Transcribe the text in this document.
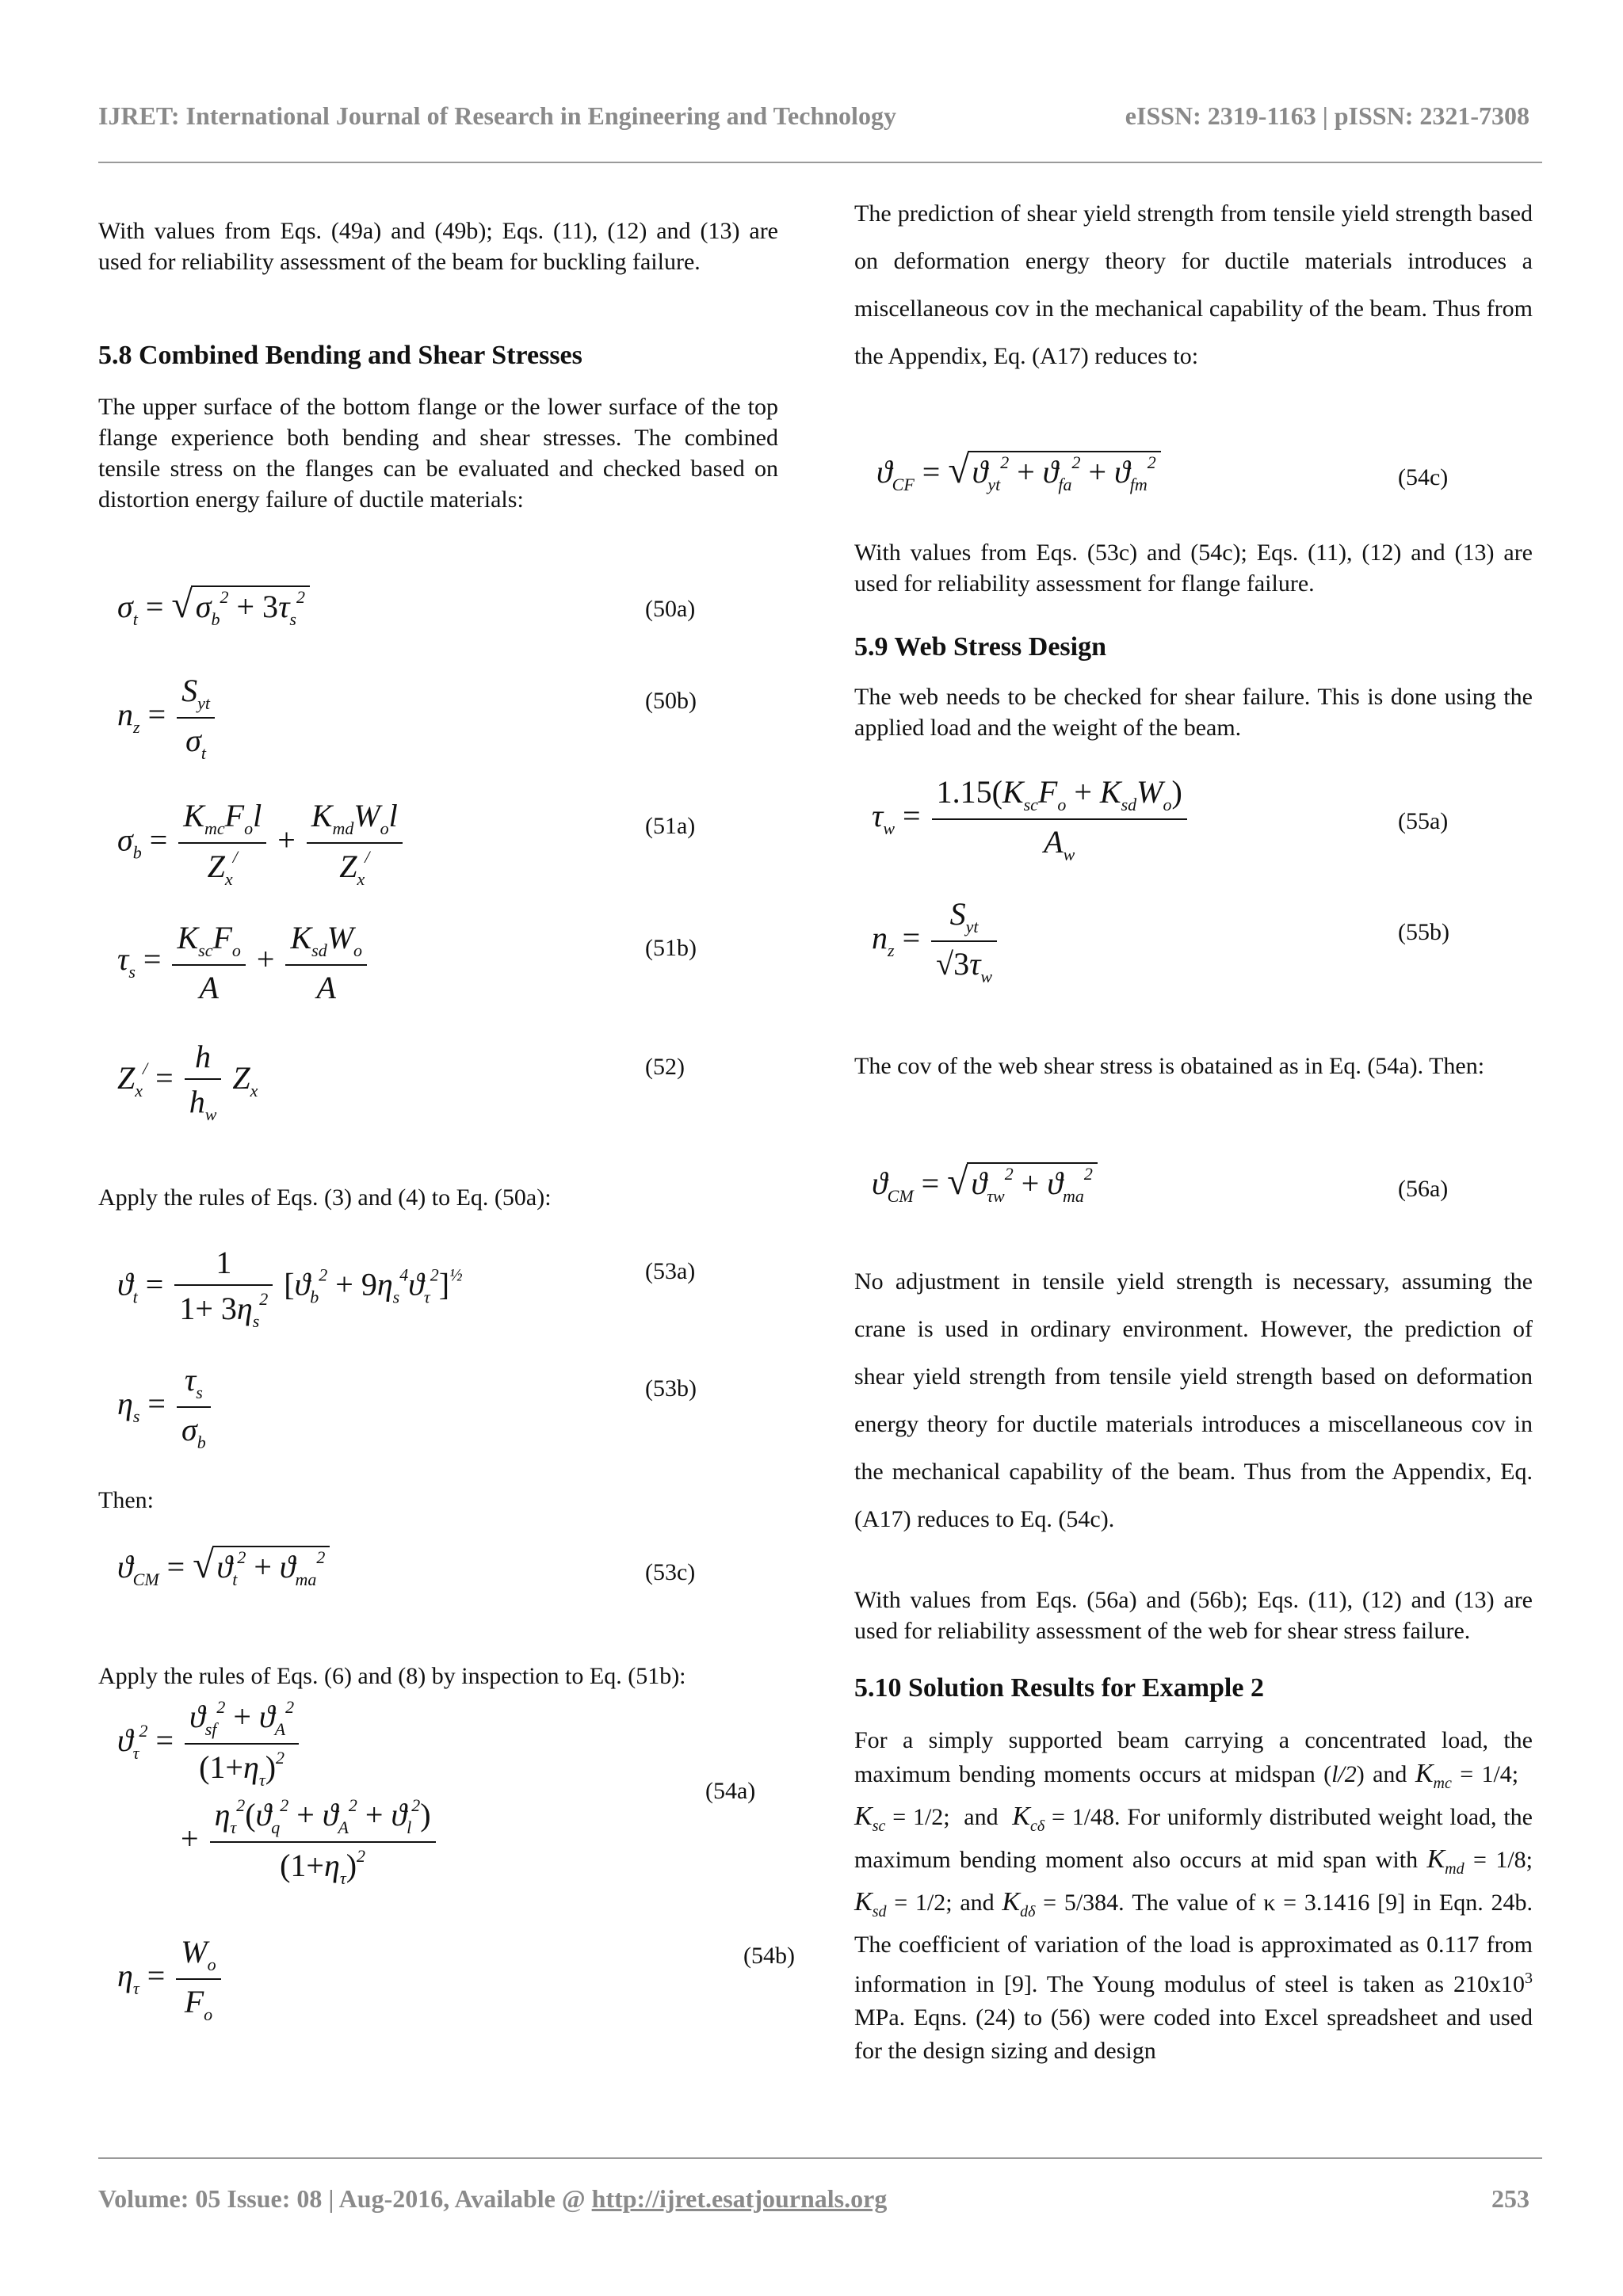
IJRET: International Journal of Research in Engineering and Technology	eISSN: 2319-1163 | pISSN: 2321-7308

With values from Eqs. (49a) and (49b); Eqs. (11), (12) and (13) are used for reliability assessment of the beam for buckling failure.

5.8 Combined Bending and Shear Stresses

The upper surface of the bottom flange or the lower surface of the top flange experience both bending and shear stresses. The combined tensile stress on the flanges can be evaluated and checked based on distortion energy failure of ductile materials:

$\sigma_t$ = √ $\sigma_b^2 + 3\tau_s^2$	(50a)
$n_z = \frac{S_{yt}}{\sigma_t}$	(50b)
$\sigma_b = \frac{K_{mc}F_ol}{Z_x^/} + \frac{K_{md}W_ol}{Z_x^/}$	(51a)
$\tau_s = \frac{K_{sc}F_o}{A} + \frac{K_{sd}W_o}{A}$	(51b)
$Z_x^/ = \frac{h}{h_w} Z_x$
(52)

Apply the rules of Eqs. (3) and (4) to Eq. (50a):

$ϑ_t = \frac{1}{1+ 3\eta_s^2} [ϑ_b^2 + 9\eta_s^4ϑ_\tau^2]^{\frac{1}{2}}$	(53a)
$\eta_s = \frac{\tau_s}{\sigma_b}$	(53b)

Then:

$ϑ_{CM}$ = √ $ϑ_t^2 + ϑ_{ma}^2$
(53c)

Apply the rules of Eqs. (6) and (8) by inspection to Eq. (51b):

$ϑ_\tau^2 = \frac{ϑ_{sf}^2 + ϑ_A^2}{(1+\eta_\tau)^2}$
+ $\frac{\eta_\tau^2(ϑ_q^2 + ϑ_A^2 + ϑ_l^2)}{(1+\eta_\tau)^2}$
(54a)
$\eta_\tau = \frac{W_o}{F_o}$	(54b)

The prediction of shear yield strength from tensile yield strength based on deformation energy theory for ductile materials introduces a miscellaneous cov in the mechanical capability of the beam. Thus from the Appendix, Eq. (A17) reduces to:

$ϑ_{CF}$ = √ $ϑ_{yt}^2 + ϑ_{fa}^2 + ϑ_{fm}^2$
(54c)

With values from Eqs. (53c) and (54c); Eqs. (11), (12) and (13) are used for reliability assessment for flange failure.

5.9 Web Stress Design

The web needs to be checked for shear failure. This is done using the applied load and the weight of the beam.

$\tau_w = \frac{1.15(K_{sc}F_o + K_{sd}W_o)}{A_w}$	(55a)
$n_z = \frac{S_{yt}}{√3\tau_w}$	(55b)

The cov of the web shear stress is obatained as in Eq. (54a). Then:

$ϑ_{CM}$ = √ $ϑ_{\tau w}^2 + ϑ_{ma}^2$
(56a)

No adjustment in tensile yield strength is necessary, assuming the crane is used in ordinary environment. However, the prediction of shear yield strength from tensile yield strength based on deformation energy theory for ductile materials introduces a miscellaneous cov in the mechanical capability of the beam. Thus from the Appendix, Eq. (A17) reduces to Eq. (54c).

With values from Eqs. (56a) and (56b); Eqs. (11), (12) and (13) are used for reliability assessment of the web for shear stress failure.

5.10 Solution Results for Example 2

For a simply supported beam carrying a concentrated load, the maximum bending moments occurs at midspan (l/2) and $K_{mc} = 1/4$;   $K_{sc} = 1/2$;  and  $K_{c\delta} = 1/48$. For uniformly distributed weight load, the maximum bending moment also occurs at mid span with $K_{md} = 1/8$; $K_{sd} = 1/2$; and $K_{d\delta} = 5/384$. The value of κ = 3.1416 [9] in Eqn. 24b. The coefficient of variation of the load is approximated as 0.117 from information in [9]. The Young modulus of steel is taken as $210x10^3$ MPa. Eqns. (24) to (56) were coded into Excel spreadsheet and used for the design sizing and design

Volume: 05 Issue: 08 | Aug-2016, Available @ http://ijret.esatjournals.org	253
